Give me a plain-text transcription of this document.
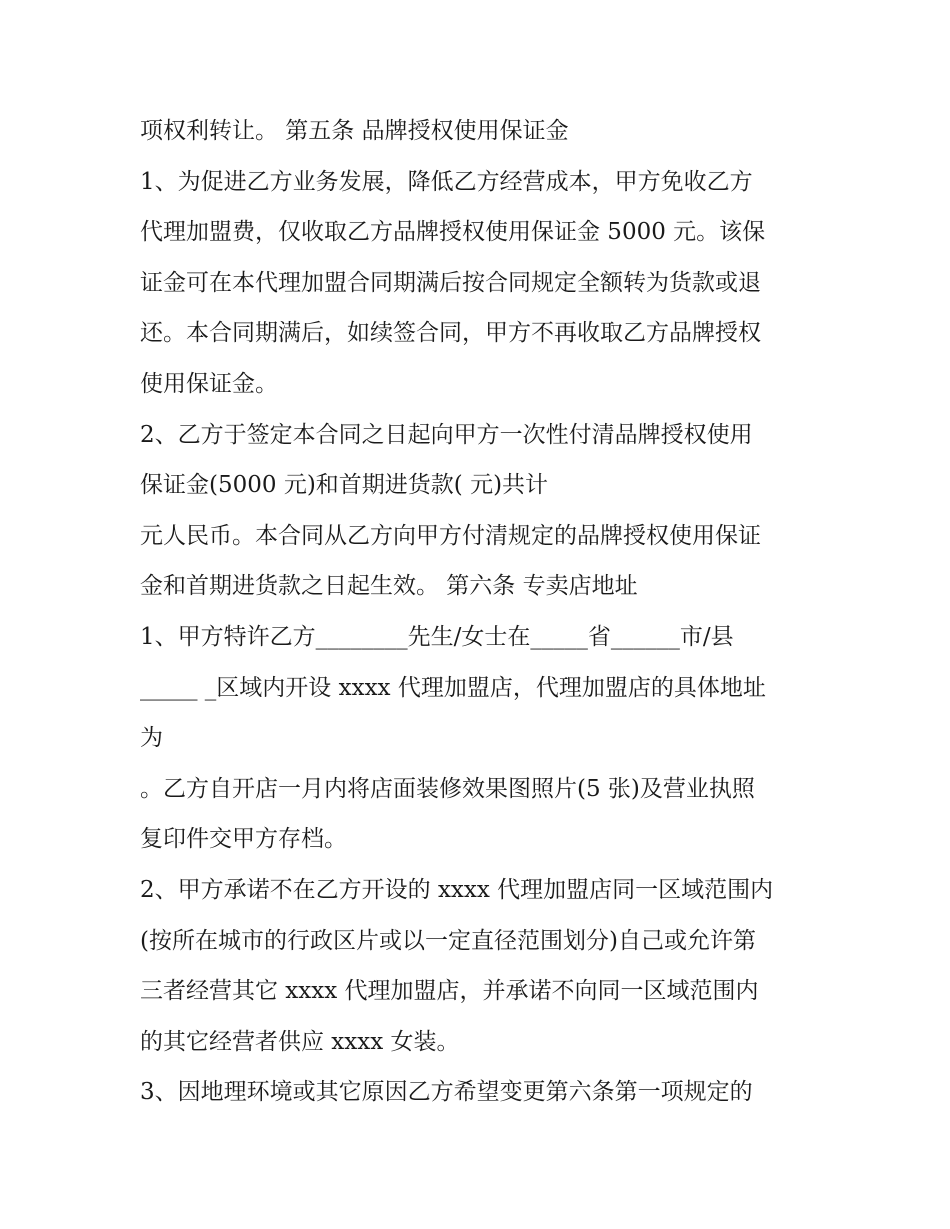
项权利转让。 第五条 品牌授权使用保证金
1、为促进乙方业务发展，降低乙方经营成本，甲方免收乙方
代理加盟费，仅收取乙方品牌授权使用保证金 5000 元。该保
证金可在本代理加盟合同期满后按合同规定全额转为货款或退
还。本合同期满后，如续签合同，甲方不再收取乙方品牌授权
使用保证金。
2、乙方于签定本合同之日起向甲方一次性付清品牌授权使用
保证金(5000 元)和首期进货款( 元)共计
元人民币。本合同从乙方向甲方付清规定的品牌授权使用保证
金和首期进货款之日起生效。 第六条 专卖店地址
1、甲方特许乙方________先生/女士在_____省______市/县
_____ _区域内开设 xxxx 代理加盟店，代理加盟店的具体地址
为
。乙方自开店一月内将店面装修效果图照片(5 张)及营业执照
复印件交甲方存档。
2、甲方承诺不在乙方开设的 xxxx 代理加盟店同一区域范围内
(按所在城市的行政区片或以一定直径范围划分)自己或允许第
三者经营其它 xxxx 代理加盟店，并承诺不向同一区域范围内
的其它经营者供应 xxxx 女装。
3、因地理环境或其它原因乙方希望变更第六条第一项规定的
